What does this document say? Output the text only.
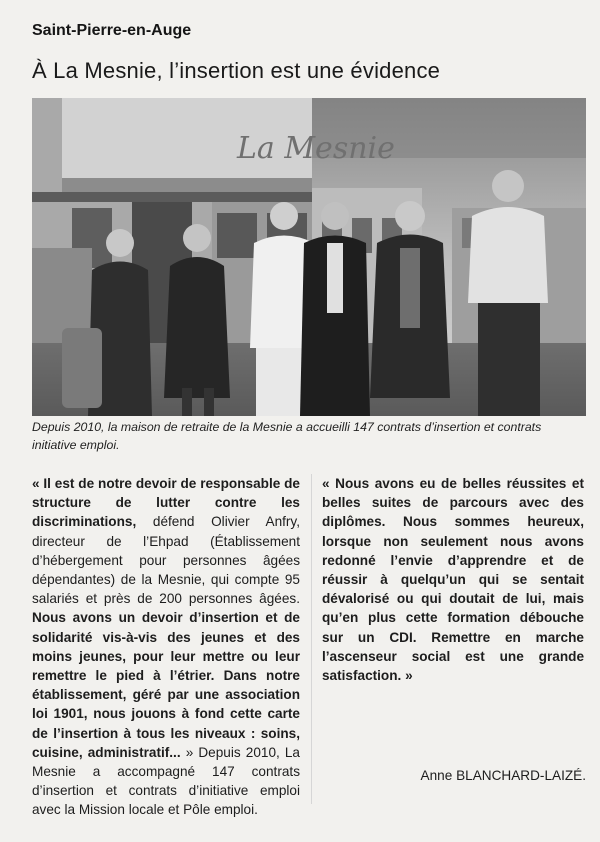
Saint-Pierre-en-Auge
À La Mesnie, l’insertion est une évidence
La Mesnie
Depuis 2010, la maison de retraite de la Mesnie a accueilli 147 contrats d’insertion et contrats initiative emploi.

« Il est de notre devoir de responsable de structure de lutter contre les discriminations, défend Olivier Anfry, directeur de l’Ehpad (Établissement d’hébergement pour personnes âgées dépendantes) de la Mesnie, qui compte 95 salariés et près de 200 personnes âgées. Nous avons un devoir d’insertion et de solidarité vis-à-vis des jeunes et des moins jeunes, pour leur mettre ou leur remettre le pied à l’étrier. Dans notre établissement, géré par une association loi 1901, nous jouons à fond cette carte de l’insertion à tous les niveaux : soins, cuisine, administratif... » Depuis 2010, La Mesnie a accompagné 147 contrats d’insertion et contrats d’initiative emploi avec la Mission locale et Pôle emploi.

« Nous avons eu de belles réussites et belles suites de parcours avec des diplômes. Nous sommes heureux, lorsque non seulement nous avons redonné l’envie d’apprendre et de réussir à quelqu’un qui se sentait dévalorisé ou qui doutait de lui, mais qu’en plus cette formation débouche sur un CDI. Remettre en marche l’ascenseur social est une grande satisfaction. »

Anne BLANCHARD-LAIZÉ.
